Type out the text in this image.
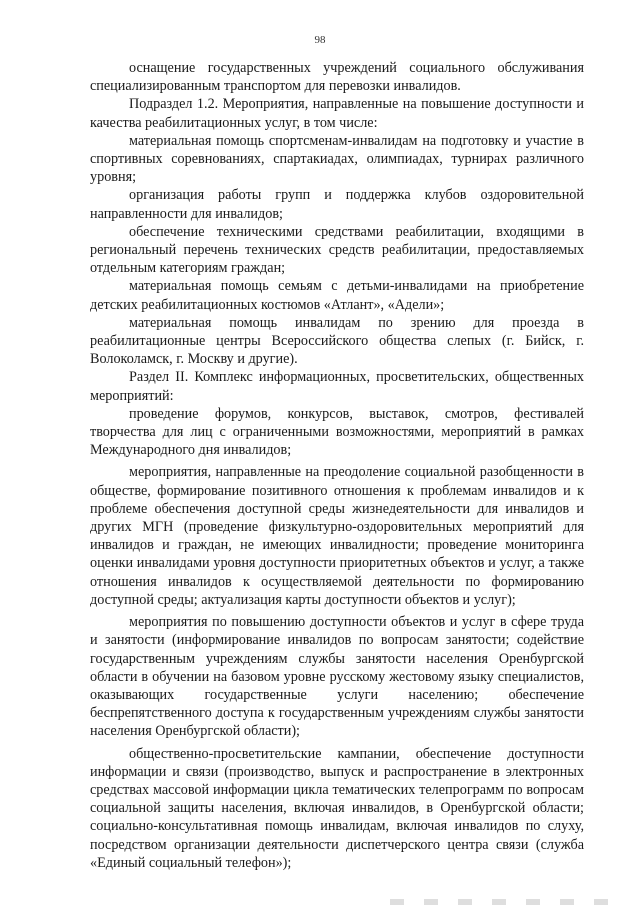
98

оснащение государственных учреждений социального обслуживания специализированным транспортом для перевозки инвалидов.

Подраздел 1.2. Мероприятия, направленные на повышение доступности и качества реабилитационных услуг, в том числе:

материальная помощь спортсменам-инвалидам на подготовку и участие в спортивных соревнованиях, спартакиадах, олимпиадах, турнирах различного уровня;

организация работы групп и поддержка клубов оздоровительной направленности для инвалидов;

обеспечение техническими средствами реабилитации, входящими в региональный перечень технических средств реабилитации, предоставляемых отдельным категориям граждан;

материальная помощь семьям с детьми-инвалидами на приобретение детских реабилитационных костюмов «Атлант», «Адели»;

материальная помощь инвалидам по зрению для проезда в реабилитационные центры Всероссийского общества слепых (г. Бийск, г. Волоколамск, г. Москву и другие).

Раздел II. Комплекс информационных, просветительских, общественных мероприятий:

проведение форумов, конкурсов, выставок, смотров, фестивалей творчества для лиц с ограниченными возможностями, мероприятий в рамках Международного дня инвалидов;

мероприятия, направленные на преодоление социальной разобщенности в обществе, формирование позитивного отношения к проблемам инвалидов и к проблеме обеспечения доступной среды жизнедеятельности для инвалидов и других МГН (проведение физкультурно-оздоровительных мероприятий для инвалидов и граждан, не имеющих инвалидности; проведение мониторинга оценки инвалидами уровня доступности приоритетных объектов и услуг, а также отношения инвалидов к осуществляемой деятельности по формированию доступной среды; актуализация карты доступности объектов и услуг);

мероприятия по повышению доступности объектов и услуг в сфере труда и занятости (информирование инвалидов по вопросам занятости; содействие государственным учреждениям службы занятости населения Оренбургской области в обучении на базовом уровне русскому жестовому языку специалистов, оказывающих государственные услуги населению; обеспечение беспрепятственного доступа к государственным учреждениям службы занятости населения Оренбургской области);

общественно-просветительские кампании, обеспечение доступности информации и связи (производство, выпуск и распространение в электронных средствах массовой информации цикла тематических телепрограмм по вопросам социальной защиты населения, включая инвалидов, в Оренбургской области; социально-консультативная помощь инвалидам, включая инвалидов по слуху, посредством организации деятельности диспетчерского центра связи (служба «Единый социальный телефон»);
